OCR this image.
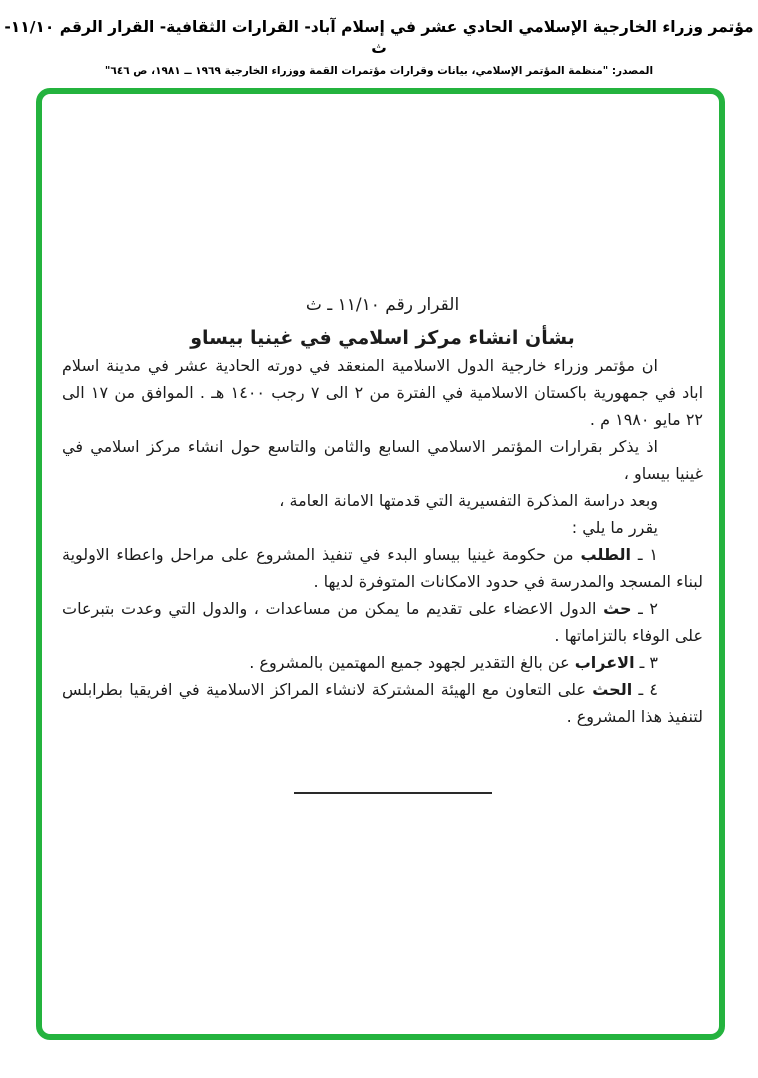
مؤتمر وزراء الخارجية الإسلامي الحادي عشر في إسلام آباد- القرارات الثقافية- القرار الرقم ١١/١٠- ث
المصدر: "منظمة المؤتمر الإسلامي، بيانات وقرارات مؤتمرات القمة ووزراء الخارجية ١٩٦٩ ــ ١٩٨١، ص ٦٤٦"
القرار رقم ١١/١٠ ـ ث
بشأن انشاء مركز اسلامي في غينيا بيساو

ان مؤتمر وزراء خارجية الدول الاسلامية المنعقد في دورته الحادية عشر في مدينة اسلام اباد في جمهورية باكستان الاسلامية في الفترة من ٢ الى ٧ رجب ١٤٠٠ هـ . الموافق من ١٧ الى ٢٢ مايو ١٩٨٠ م .

اذ يذكر بقرارات المؤتمر الاسلامي السابع والثامن والتاسع حول انشاء مركز اسلامي في غينيا بيساو ،

وبعد دراسة المذكرة التفسيرية التي قدمتها الامانة العامة ،

يقرر ما يلي :

١ ـ الطلب من حكومة غينيا بيساو البدء في تنفيذ المشروع على مراحل واعطاء الاولوية لبناء المسجد والمدرسة في حدود الامكانات المتوفرة لديها .

٢ ـ حث الدول الاعضاء على تقديم ما يمكن من مساعدات ، والدول التي وعدت بتبرعات على الوفاء بالتزاماتها .

٣ ـ الاعراب عن بالغ التقدير لجهود جميع المهتمين بالمشروع .

٤ ـ الحث على التعاون مع الهيئة المشتركة لانشاء المراكز الاسلامية في افريقيا بطرابلس لتنفيذ هذا المشروع .
